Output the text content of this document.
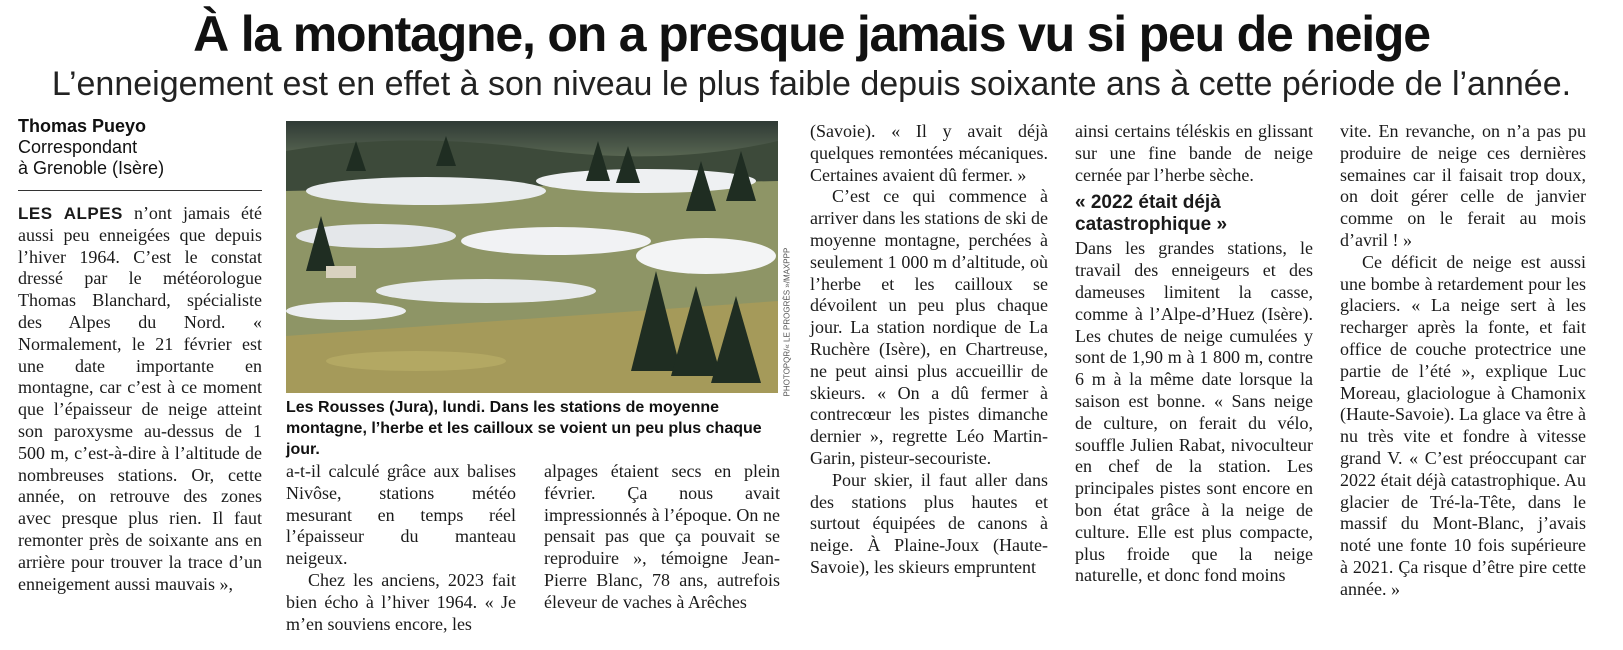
À la montagne, on a presque jamais vu si peu de neige
L’enneigement est en effet à son niveau le plus faible depuis soixante ans à cette période de l’année.
Thomas Pueyo
Correspondant
à Grenoble (Isère)

LES ALPES n’ont jamais été aussi peu enneigées que depuis l’hiver 1964. C’est le constat dressé par le météorologue Thomas Blanchard, spécialiste des Alpes du Nord. « Normalement, le 21 février est une date importante en montagne, car c’est à ce moment que l’épaisseur de neige atteint son paroxysme au-dessus de 1 500 m, c’est-à-dire à l’altitude de nombreuses stations. Or, cette année, on retrouve des zones avec presque plus rien. Il faut remonter près de soixante ans en arrière pour trouver la trace d’un enneigement aussi mauvais »,

PHOTOPQR/« LE PROGRÈS »/MAXPPP
Les Rousses (Jura), lundi. Dans les stations de moyenne montagne, l’herbe et les cailloux se voient un peu plus chaque jour.

a-t-il calculé grâce aux balises Nivôse, stations météo mesurant en temps réel l’épaisseur du manteau neigeux.

Chez les anciens, 2023 fait bien écho à l’hiver 1964. « Je m’en souviens encore, les

alpages étaient secs en plein février. Ça nous avait impressionnés à l’époque. On ne pensait pas que ça pouvait se reproduire », témoigne Jean-Pierre Blanc, 78 ans, autrefois éleveur de vaches à Arêches

(Savoie). « Il y avait déjà quelques remontées mécaniques. Certaines avaient dû fermer. »

C’est ce qui commence à arriver dans les stations de ski de moyenne montagne, perchées à seulement 1 000 m d’altitude, où l’herbe et les cailloux se dévoilent un peu plus chaque jour. La station nordique de La Ruchère (Isère), en Chartreuse, ne peut ainsi plus accueillir de skieurs. « On a dû fermer à contrecœur les pistes dimanche dernier », regrette Léo Martin-Garin, pisteur-secouriste.

Pour skier, il faut aller dans des stations plus hautes et surtout équipées de canons à neige. À Plaine-Joux (Haute-Savoie), les skieurs empruntent

ainsi certains téléskis en glissant sur une fine bande de neige cernée par l’herbe sèche.

« 2022 était déjà catastrophique »

Dans les grandes stations, le travail des enneigeurs et des dameuses limitent la casse, comme à l’Alpe-d’Huez (Isère). Les chutes de neige cumulées y sont de 1,90 m à 1 800 m, contre 6 m à la même date lorsque la saison est bonne. « Sans neige de culture, on ferait du vélo, souffle Julien Rabat, nivoculteur en chef de la station. Les principales pistes sont encore en bon état grâce à la neige de culture. Elle est plus compacte, plus froide que la neige naturelle, et donc fond moins

vite. En revanche, on n’a pas pu produire de neige ces dernières semaines car il faisait trop doux, on doit gérer celle de janvier comme on le ferait au mois d’avril ! »

Ce déficit de neige est aussi une bombe à retardement pour les glaciers. « La neige sert à les recharger après la fonte, et fait office de couche protectrice une partie de l’été », explique Luc Moreau, glaciologue à Chamonix (Haute-Savoie). La glace va être à nu très vite et fondre à vitesse grand V. « C’est préoccupant car 2022 était déjà catastrophique. Au glacier de Tré-la-Tête, dans le massif du Mont-Blanc, j’avais noté une fonte 10 fois supérieure à 2021. Ça risque d’être pire cette année. »
